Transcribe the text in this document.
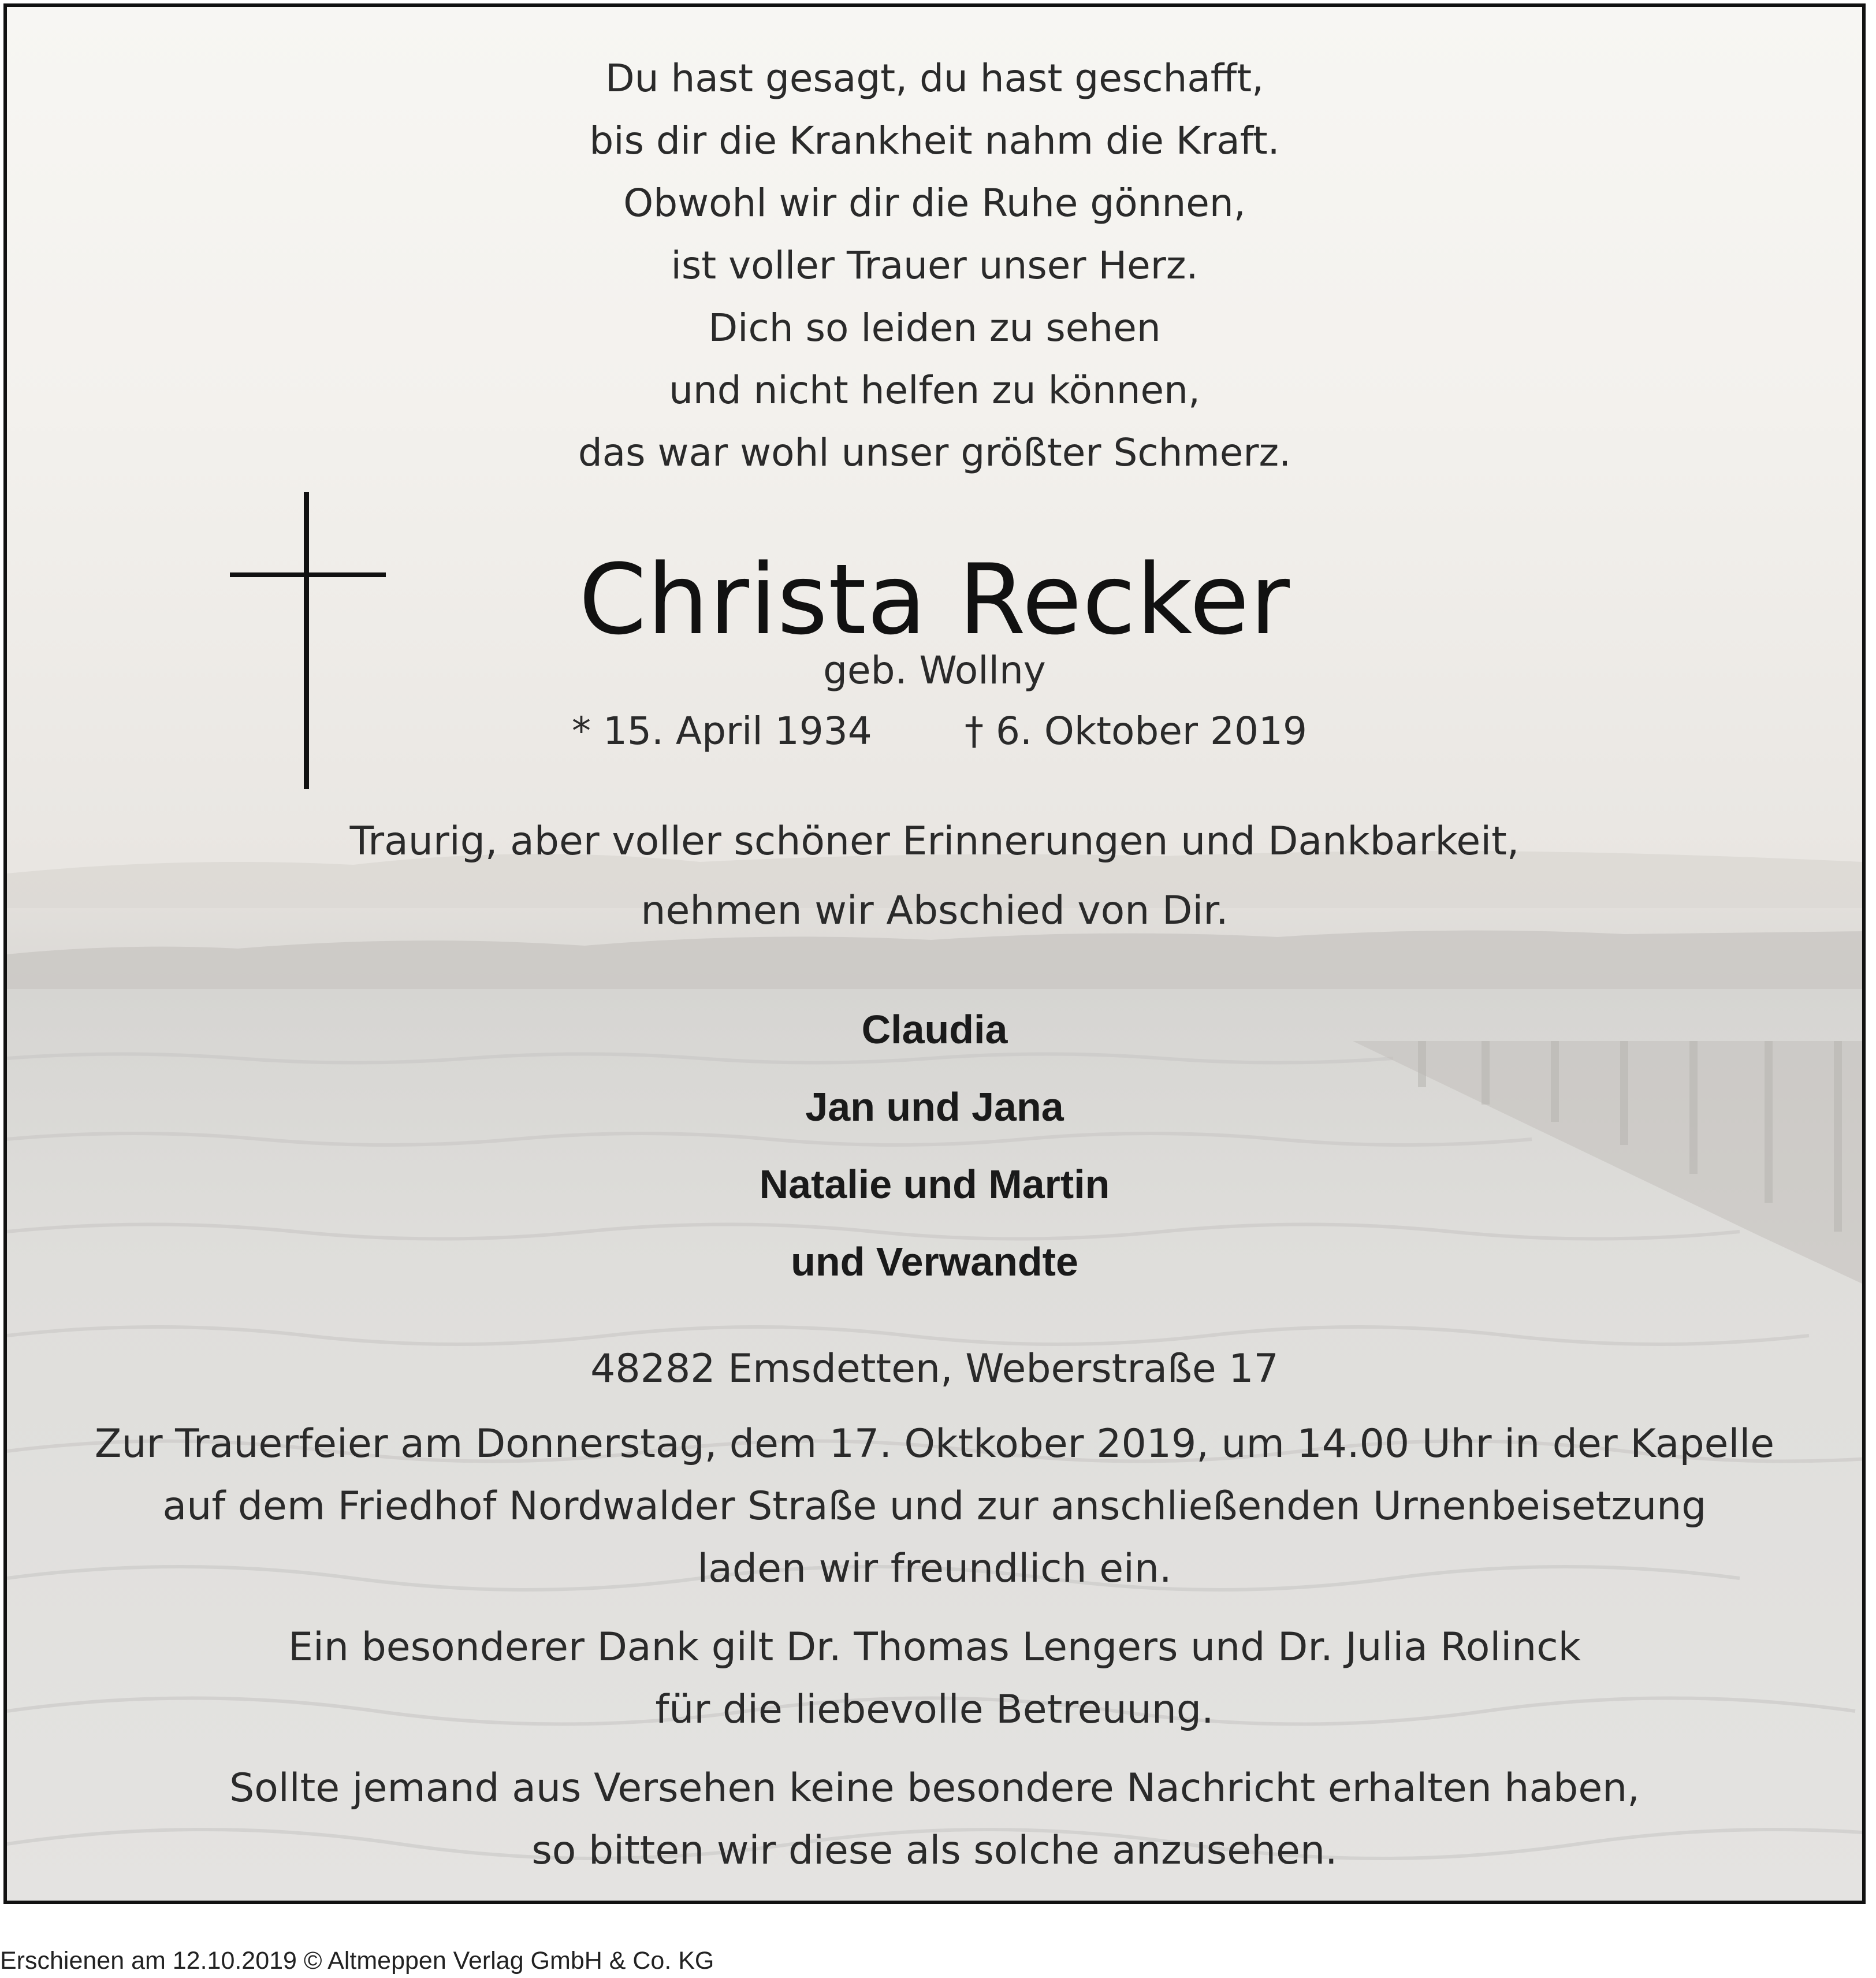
Du hast gesagt, du hast geschafft,
bis dir die Krankheit nahm die Kraft.
Obwohl wir dir die Ruhe gönnen,
ist voller Trauer unser Herz.
Dich so leiden zu sehen
und nicht helfen zu können,
das war wohl unser größter Schmerz.
Christa Recker
geb. Wollny
* 15. April 1934 † 6. Oktober 2019
Traurig, aber voller schöner Erinnerungen und Dankbarkeit,
nehmen wir Abschied von Dir.
Claudia
Jan und Jana
Natalie und Martin
und Verwandte
48282 Emsdetten, Weberstraße 17
Zur Trauerfeier am Donnerstag, dem 17. Oktkober 2019, um 14.00 Uhr in der Kapelle
auf dem Friedhof Nordwalder Straße und zur anschließenden Urnenbeisetzung
laden wir freundlich ein.
Ein besonderer Dank gilt Dr. Thomas Lengers und Dr. Julia Rolinck
für die liebevolle Betreuung.
Sollte jemand aus Versehen keine besondere Nachricht erhalten haben,
so bitten wir diese als solche anzusehen.
Erschienen am 12.10.2019 © Altmeppen Verlag GmbH & Co. KG
